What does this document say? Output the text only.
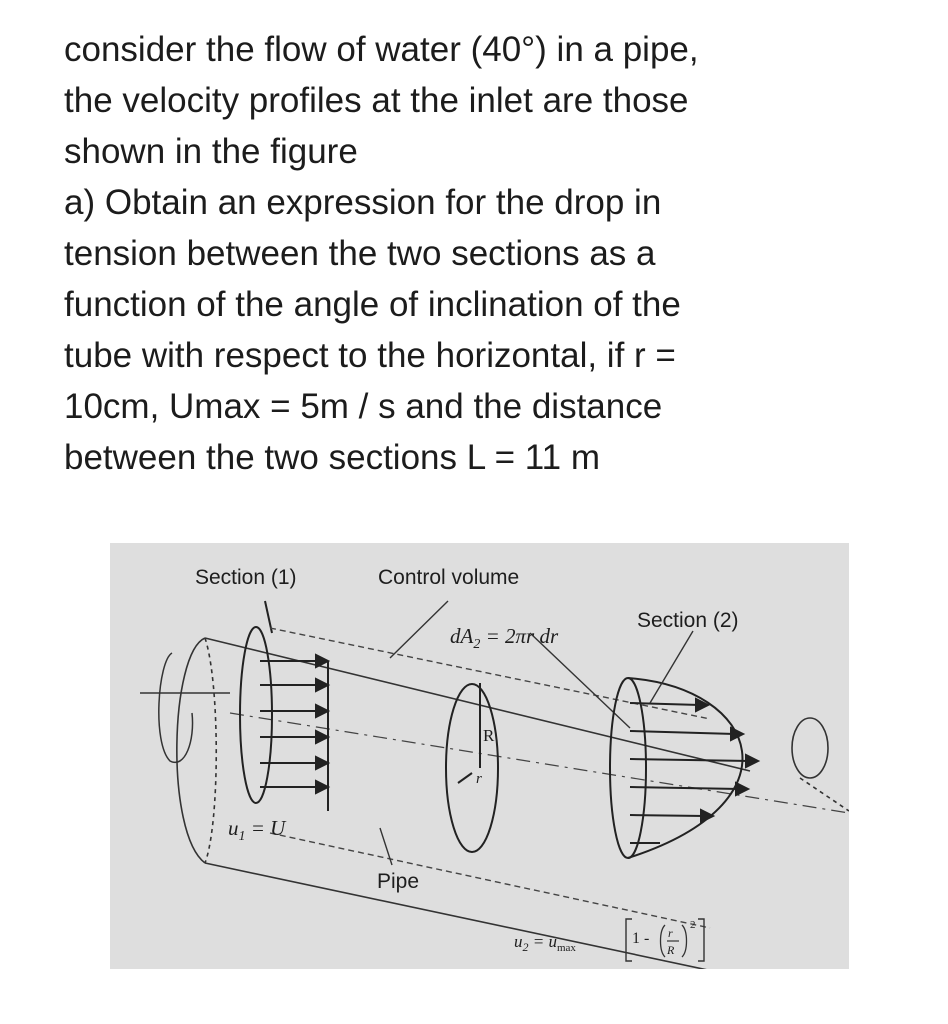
consider the flow of water (40°) in a pipe,
the velocity profiles at the inlet are those
shown in the figure
a) Obtain an expression for the drop in
tension between the two sections as a
function of the angle of inclination of the
tube with respect to the horizontal, if r =
10cm, Umax = 5m / s and the distance
between the two sections L = 11 m
Section (1)	Control volume
Section (2)
$dA_2 = 2\pi r$ dr
R
r
$u_1 = U$
Pipe
$u_2 = u_{max}$
1 - r
R
2
